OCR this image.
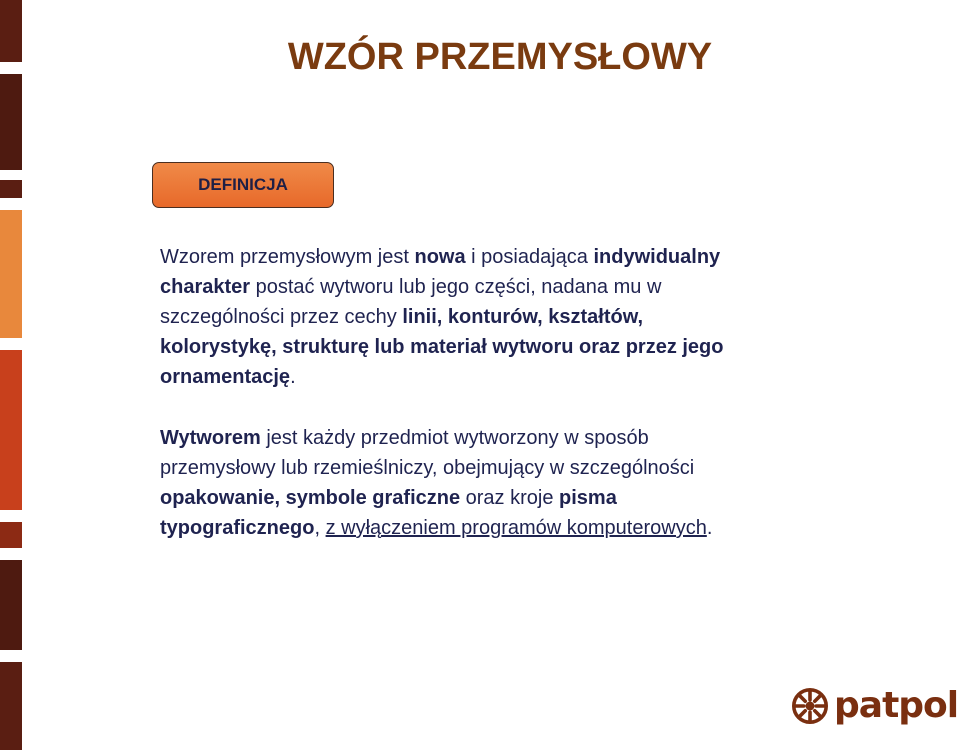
WZÓR PRZEMYSŁOWY
DEFINICJA

Wzorem przemysłowym jest nowa i posiadająca indywidualny
charakter postać wytworu lub jego części, nadana mu w
szczególności przez cechy linii, konturów, kształtów,
kolorystykę, strukturę lub materiał wytworu oraz przez jego
ornamentację.

Wytworem jest każdy przedmiot wytworzony w sposób
przemysłowy lub rzemieślniczy, obejmujący w szczególności
opakowanie, symbole graficzne oraz kroje pisma
typograficznego, z wyłączeniem programów komputerowych.

patpol
